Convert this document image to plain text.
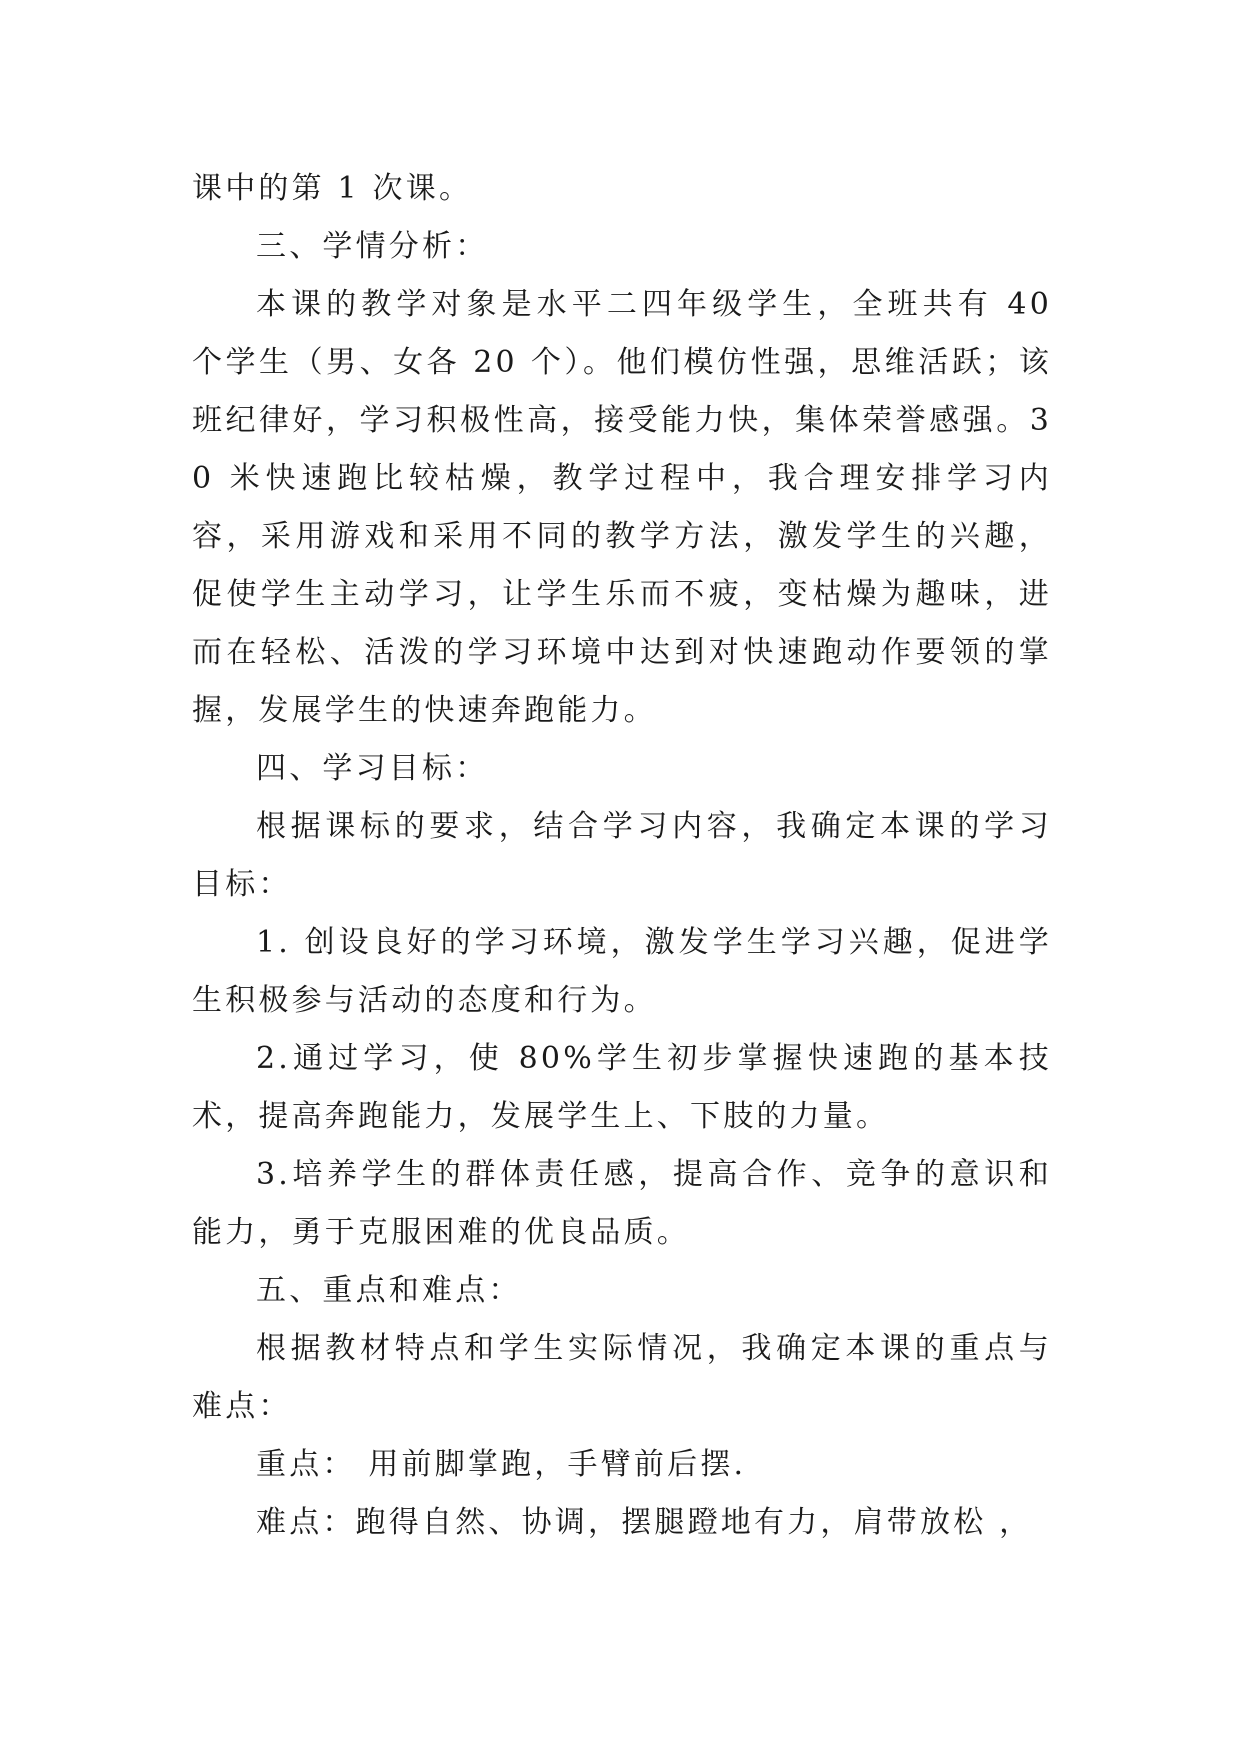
课中的第 1 次课。

三、学情分析：

本课的教学对象是水平二四年级学生，全班共有 40 个学生（男、女各 20 个）。他们模仿性强，思维活跃；该班纪律好，学习积极性高，接受能力快，集体荣誉感强。30 米快速跑比较枯燥，教学过程中，我合理安排学习内容，采用游戏和采用不同的教学方法，激发学生的兴趣，促使学生主动学习，让学生乐而不疲，变枯燥为趣味，进而在轻松、活泼的学习环境中达到对快速跑动作要领的掌握，发展学生的快速奔跑能力。

四、学习目标：

根据课标的要求，结合学习内容，我确定本课的学习目标：

1. 创设良好的学习环境，激发学生学习兴趣，促进学生积极参与活动的态度和行为。

2.通过学习，使 80%学生初步掌握快速跑的基本技术，提高奔跑能力，发展学生上、下肢的力量。

3.培养学生的群体责任感，提高合作、竞争的意识和能力，勇于克服困难的优良品质。

五、重点和难点：

根据教材特点和学生实际情况，我确定本课的重点与难点：

重点： 用前脚掌跑，手臂前后摆.

难点：跑得自然、协调，摆腿蹬地有力，肩带放松 ，
